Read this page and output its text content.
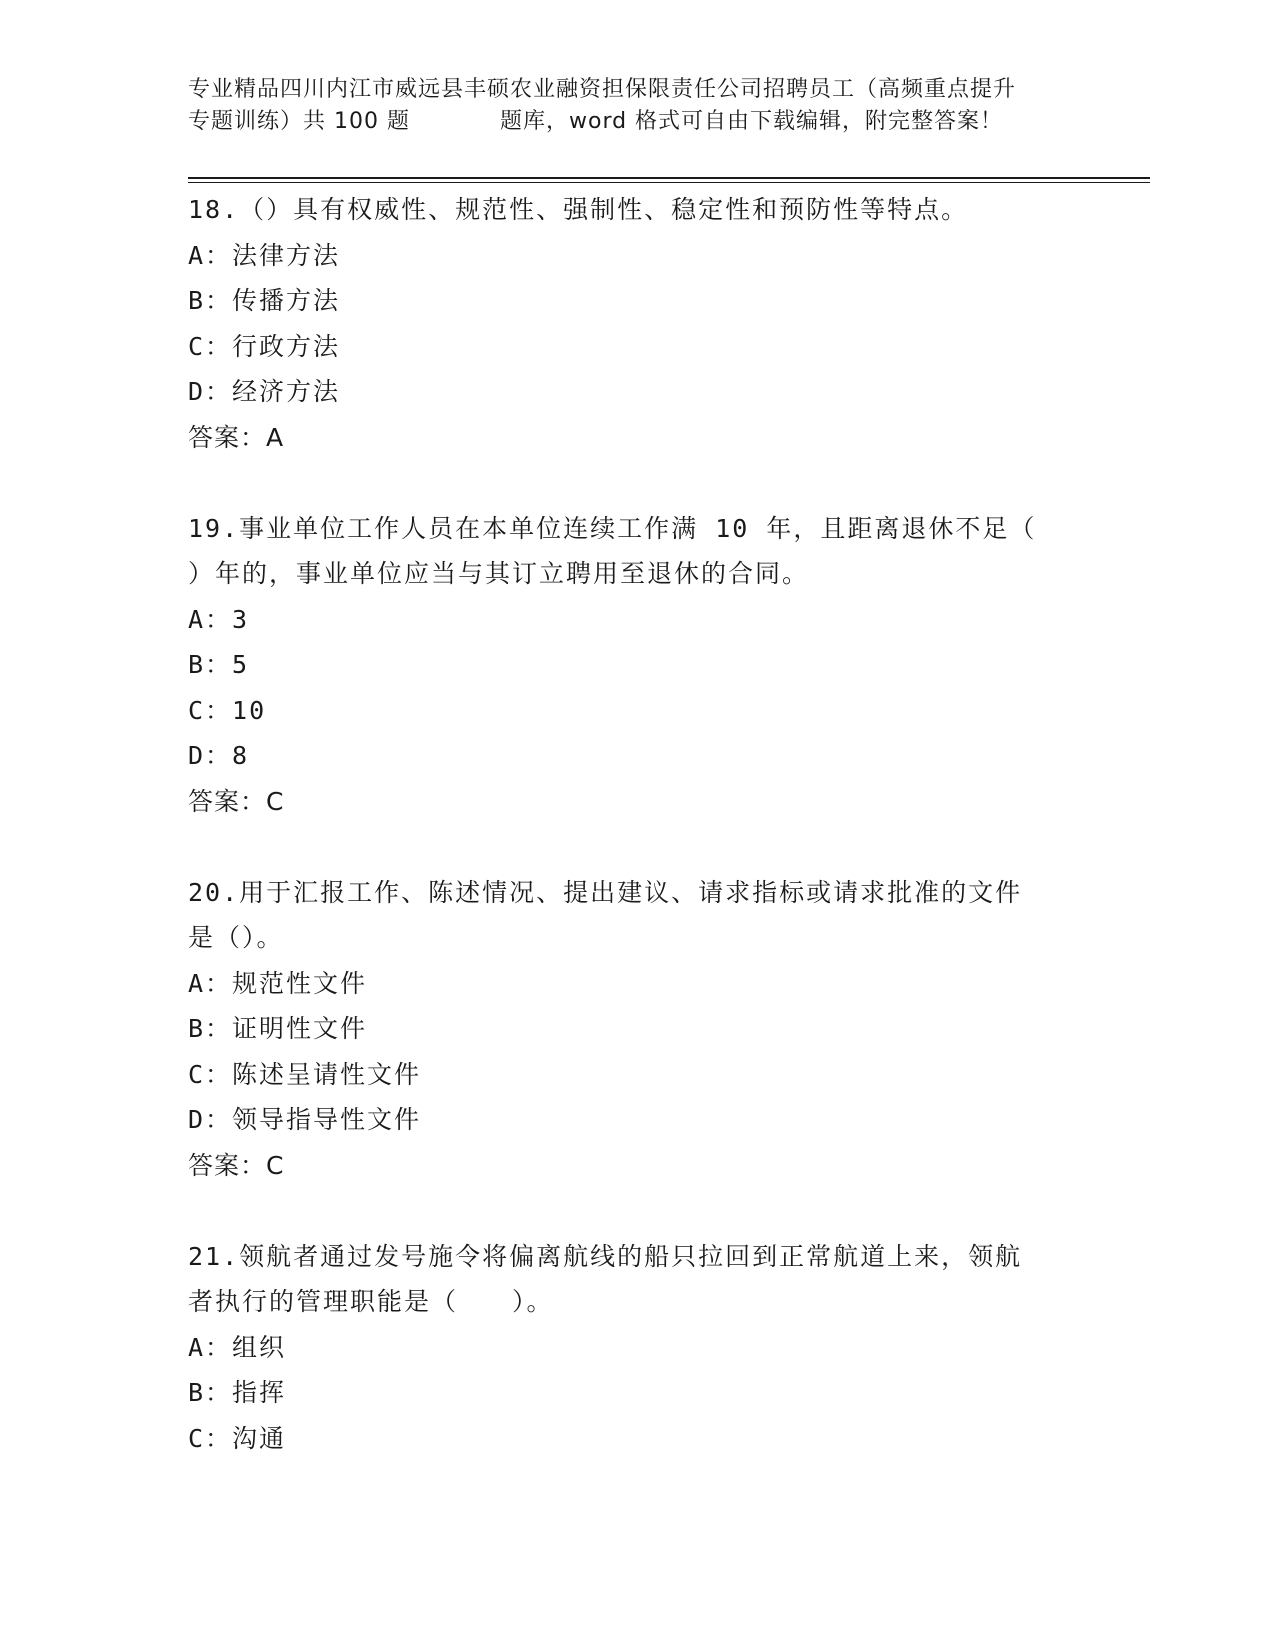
专业精品四川内江市威远县丰硕农业融资担保限责任公司招聘员工（高频重点提升
专题训练）共 100 题	题库，word 格式可自由下载编辑，附完整答案！
18.（）具有权威性、规范性、强制性、稳定性和预防性等特点。
A：法律方法
B：传播方法
C：行政方法
D：经济方法
答案：A
19.事业单位工作人员在本单位连续工作满 10 年，且距离退休不足（
）年的，事业单位应当与其订立聘用至退休的合同。
A：3
B：5
C：10
D：8
答案：C
20.用于汇报工作、陈述情况、提出建议、请求指标或请求批准的文件
是（）。
A：规范性文件
B：证明性文件
C：陈述呈请性文件
D：领导指导性文件
答案：C
21.领航者通过发号施令将偏离航线的船只拉回到正常航道上来，领航
者执行的管理职能是（　　）。
A：组织
B：指挥
C：沟通
